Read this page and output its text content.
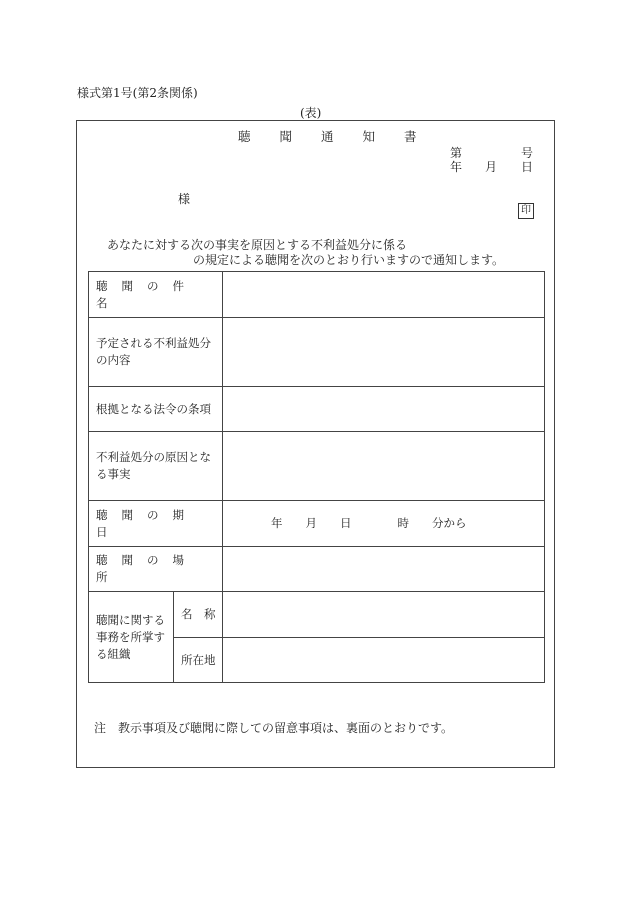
様式第1号(第2条関係)
(表)
聴聞通知書
第	号
年 月 日
様
印
あなたに対する次の事実を原因とする不利益処分に係る
の規定による聴聞を次のとおり行いますので通知します。
聴聞の件名		
予定される不利益処分の内容		
根拠となる法令の条項		
不利益処分の原因となる事実		
聴聞の期日		年　　月　　日　　　　時　　分から
聴聞の場所		
聴聞に関する事務を所掌する組織	名　称	
	所在地	
注　教示事項及び聴聞に際しての留意事項は、裏面のとおりです。
